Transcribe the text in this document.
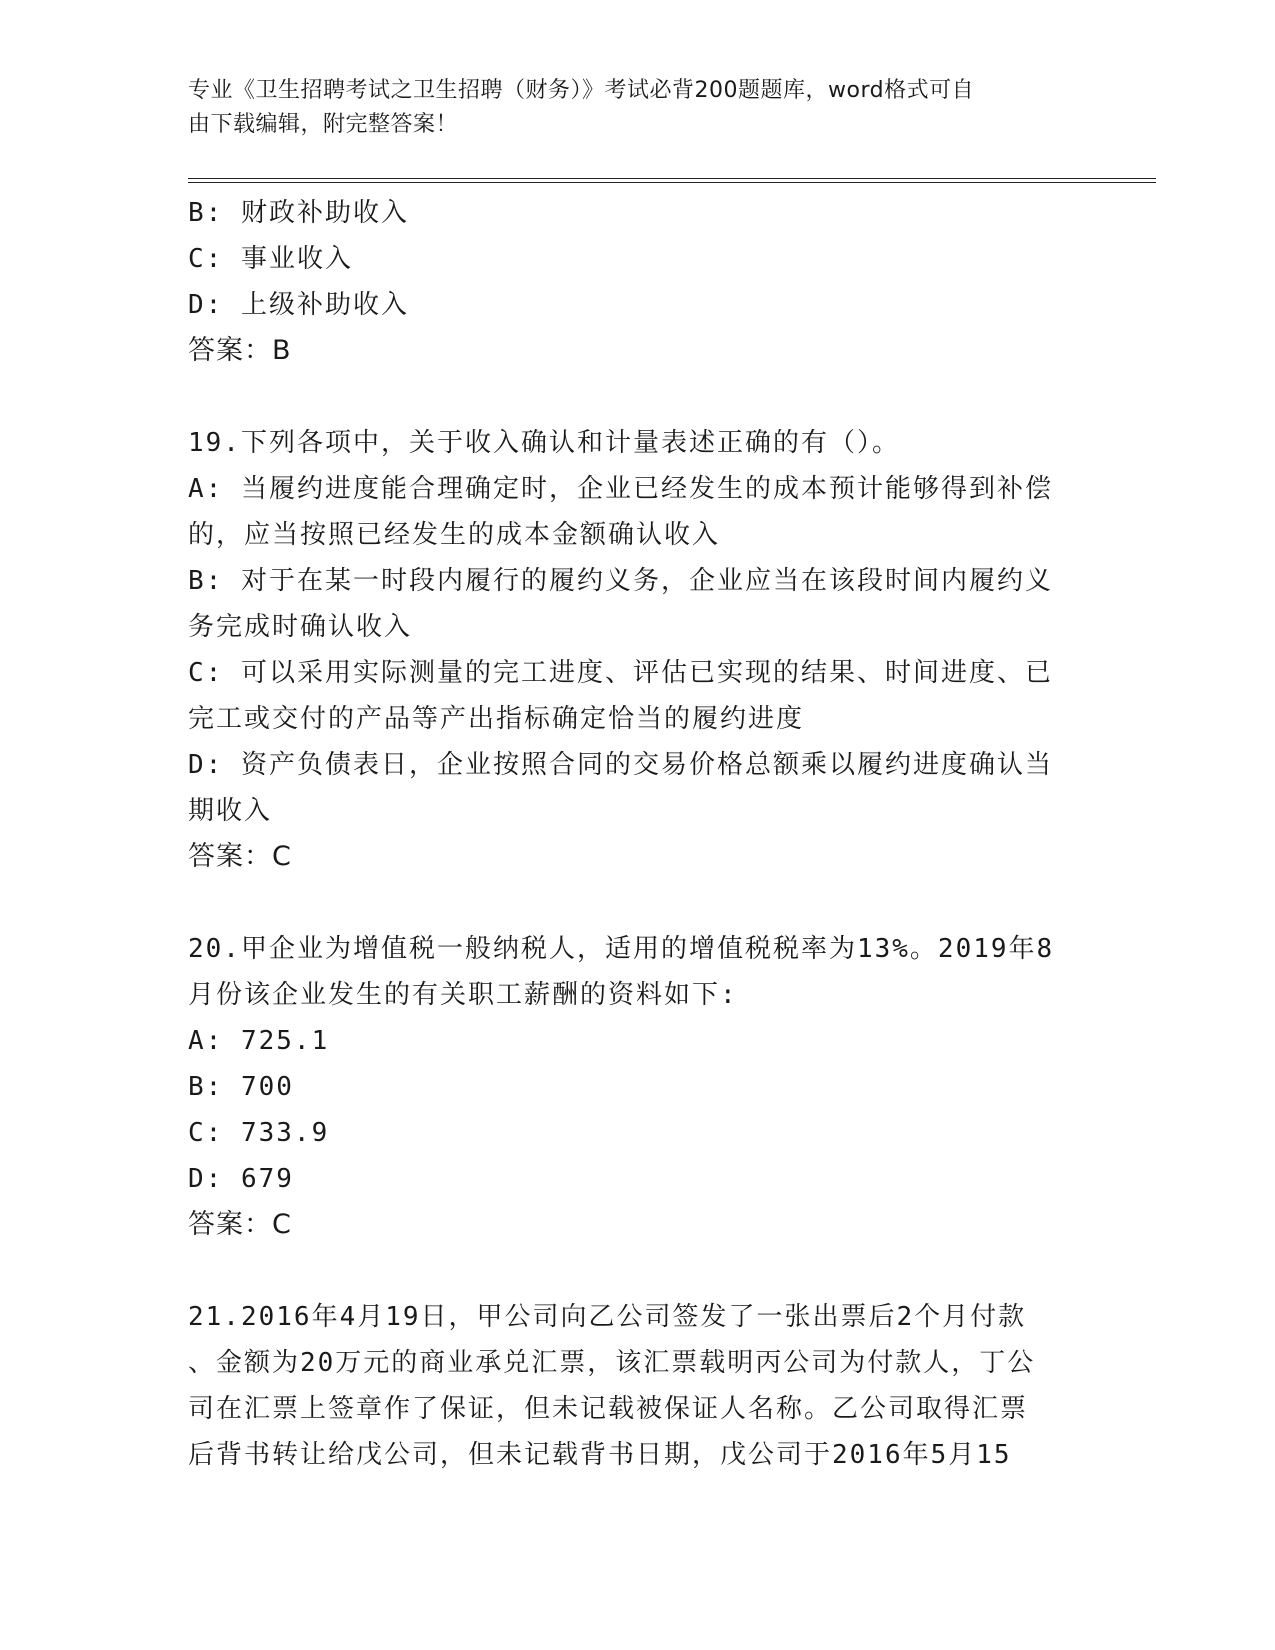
专业《卫生招聘考试之卫生招聘（财务）》考试必背200题题库，word格式可自
由下载编辑，附完整答案！
B: 财政补助收入
C: 事业收入
D: 上级补助收入
答案：B
19.下列各项中，关于收入确认和计量表述正确的有（）。
A: 当履约进度能合理确定时，企业已经发生的成本预计能够得到补偿
的，应当按照已经发生的成本金额确认收入
B: 对于在某一时段内履行的履约义务，企业应当在该段时间内履约义
务完成时确认收入
C: 可以采用实际测量的完工进度、评估已实现的结果、时间进度、已
完工或交付的产品等产出指标确定恰当的履约进度
D: 资产负债表日，企业按照合同的交易价格总额乘以履约进度确认当
期收入
答案：C
20.甲企业为增值税一般纳税人，适用的增值税税率为13%。2019年8
月份该企业发生的有关职工薪酬的资料如下:
A: 725.1
B: 700
C: 733.9
D: 679
答案：C
21.2016年4月19日，甲公司向乙公司签发了一张出票后2个月付款
、金额为20万元的商业承兑汇票，该汇票载明丙公司为付款人，丁公
司在汇票上签章作了保证，但未记载被保证人名称。乙公司取得汇票
后背书转让给戊公司，但未记载背书日期，戊公司于2016年5月15
